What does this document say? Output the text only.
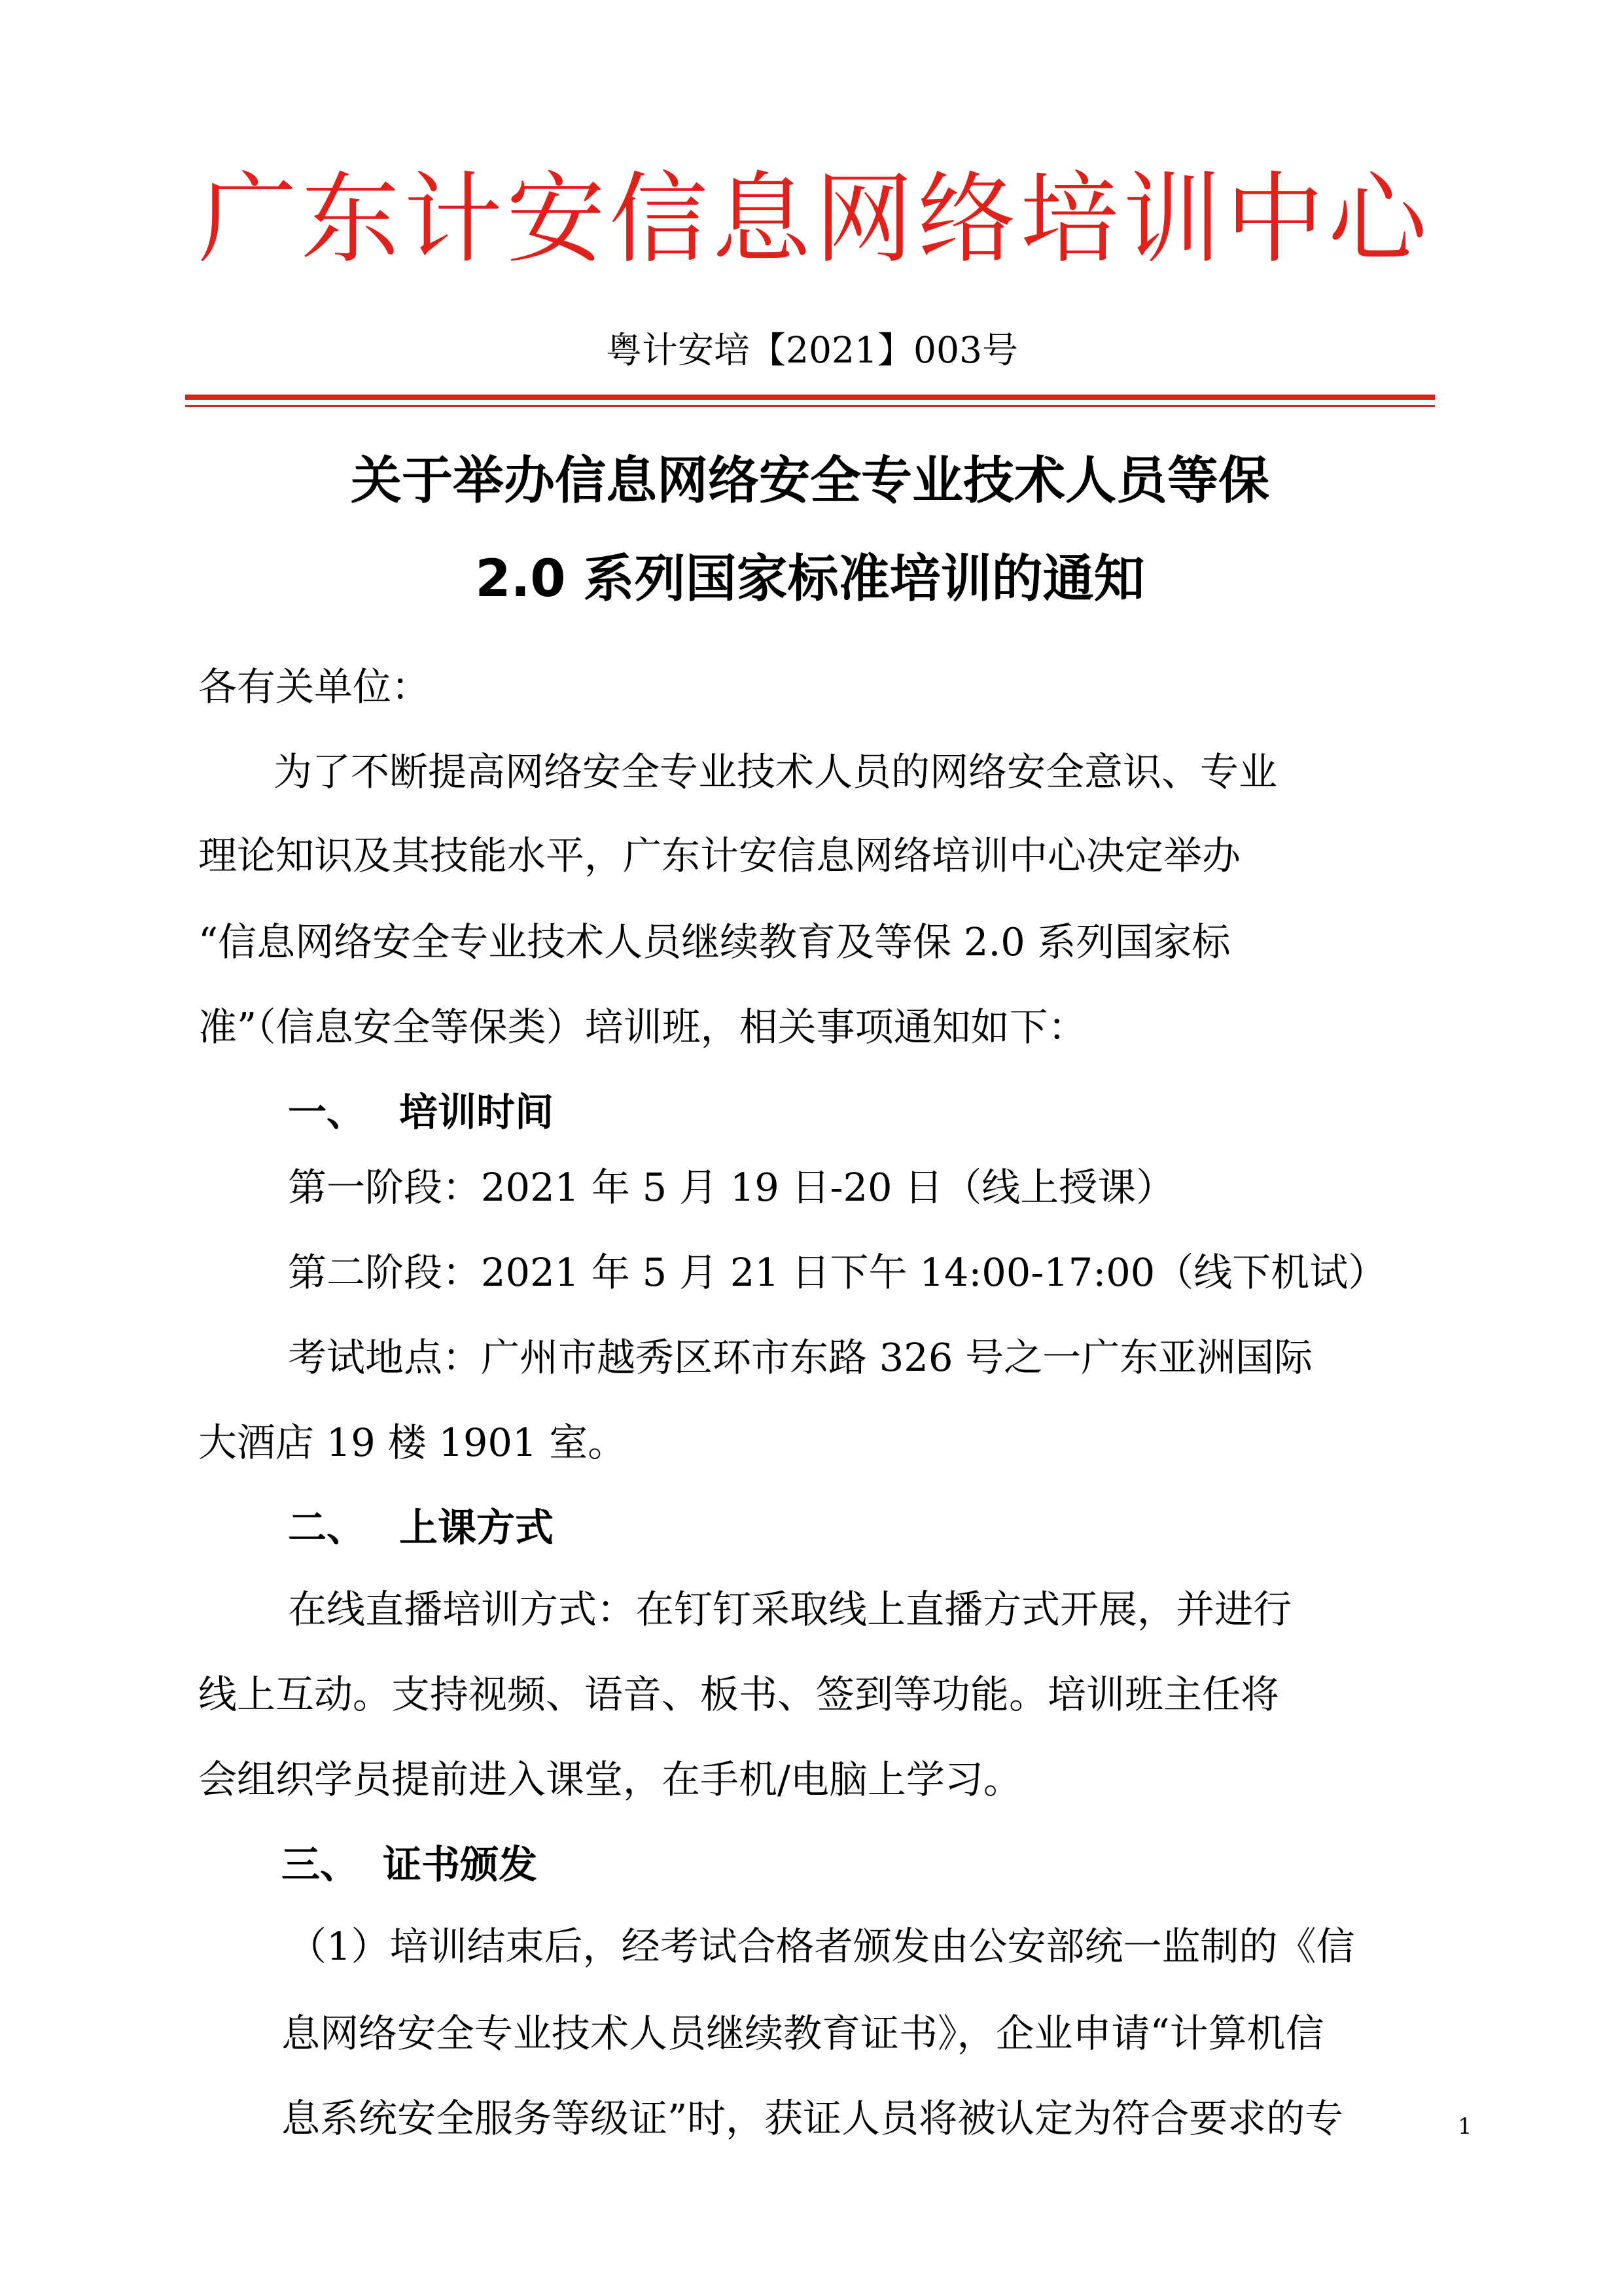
广东计安信息网络培训中心
粤计安培【2021】003号
关于举办信息网络安全专业技术人员等保
2.0 系列国家标准培训的通知
各有关单位：
为了不断提高网络安全专业技术人员的网络安全意识、专业
理论知识及其技能水平，广东计安信息网络培训中心决定举办
“信息网络安全专业技术人员继续教育及等保 2.0 系列国家标
准”（信息安全等保类）培训班，相关事项通知如下：
一、 培训时间
第一阶段：2021 年 5 月 19 日-20 日（线上授课）
第二阶段：2021 年 5 月 21 日下午 14:00-17:00（线下机试）
考试地点：广州市越秀区环市东路 326 号之一广东亚洲国际
大酒店 19 楼 1901 室。
二、 上课方式
在线直播培训方式：在钉钉采取线上直播方式开展，并进行
线上互动。支持视频、语音、板书、签到等功能。培训班主任将
会组织学员提前进入课堂，在手机/电脑上学习。
三、 证书颁发
（1）培训结束后，经考试合格者颁发由公安部统一监制的《信
息网络安全专业技术人员继续教育证书》，企业申请“计算机信
息系统安全服务等级证”时，获证人员将被认定为符合要求的专	1
